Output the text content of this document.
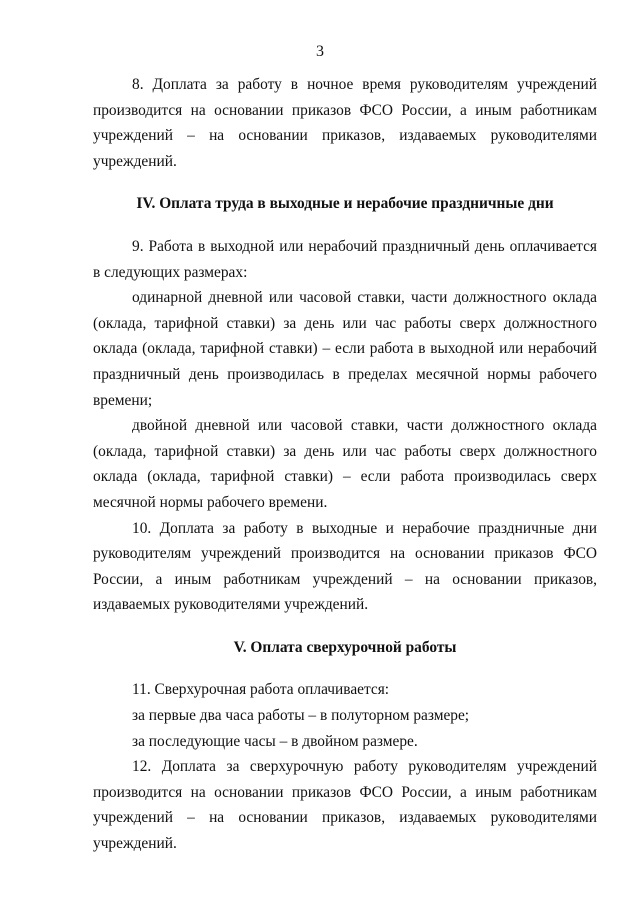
3

8. Доплата за работу в ночное время руководителям учреждений производится на основании приказов ФСО России, а иным работникам учреждений – на основании приказов, издаваемых руководителями учреждений.

IV. Оплата труда в выходные и нерабочие праздничные дни

9. Работа в выходной или нерабочий праздничный день оплачивается в следующих размерах:

одинарной дневной или часовой ставки, части должностного оклада (оклада, тарифной ставки) за день или час работы сверх должностного оклада (оклада, тарифной ставки) – если работа в выходной или нерабочий праздничный день производилась в пределах месячной нормы рабочего времени;

двойной дневной или часовой ставки, части должностного оклада (оклада, тарифной ставки) за день или час работы сверх должностного оклада (оклада, тарифной ставки) – если работа производилась сверх месячной нормы рабочего времени.

10. Доплата за работу в выходные и нерабочие праздничные дни руководителям учреждений производится на основании приказов ФСО России, а иным работникам учреждений – на основании приказов, издаваемых руководителями учреждений.

V. Оплата сверхурочной работы

11. Сверхурочная работа оплачивается:

за первые два часа работы – в полуторном размере;

за последующие часы – в двойном размере.

12. Доплата за сверхурочную работу руководителям учреждений производится на основании приказов ФСО России, а иным работникам учреждений – на основании приказов, издаваемых руководителями учреждений.
